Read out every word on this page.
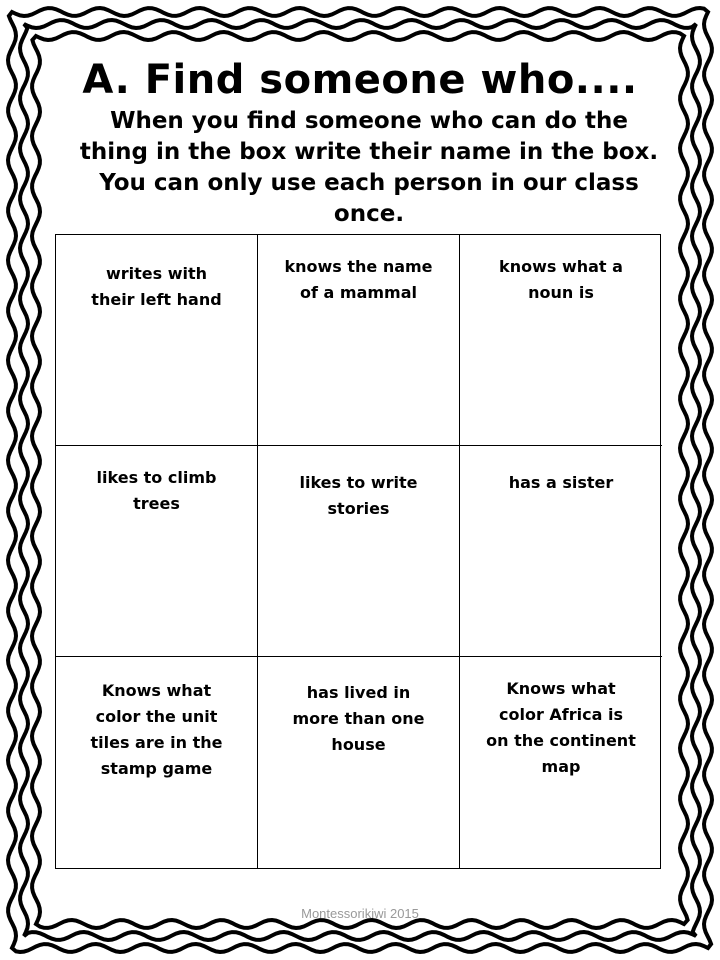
A. Find someone who....
When you find someone who can do the thing in the box write their name in the box. You can only use each person in our class once.
writes with
their left hand
knows the name
of a mammal
knows what a
noun is
likes to climb
trees
likes to write
stories
has a sister
Knows what
color the unit
tiles are in the
stamp game
has lived in
more than one
house
Knows what
color Africa is
on the continent
map
Montessorikiwi 2015
